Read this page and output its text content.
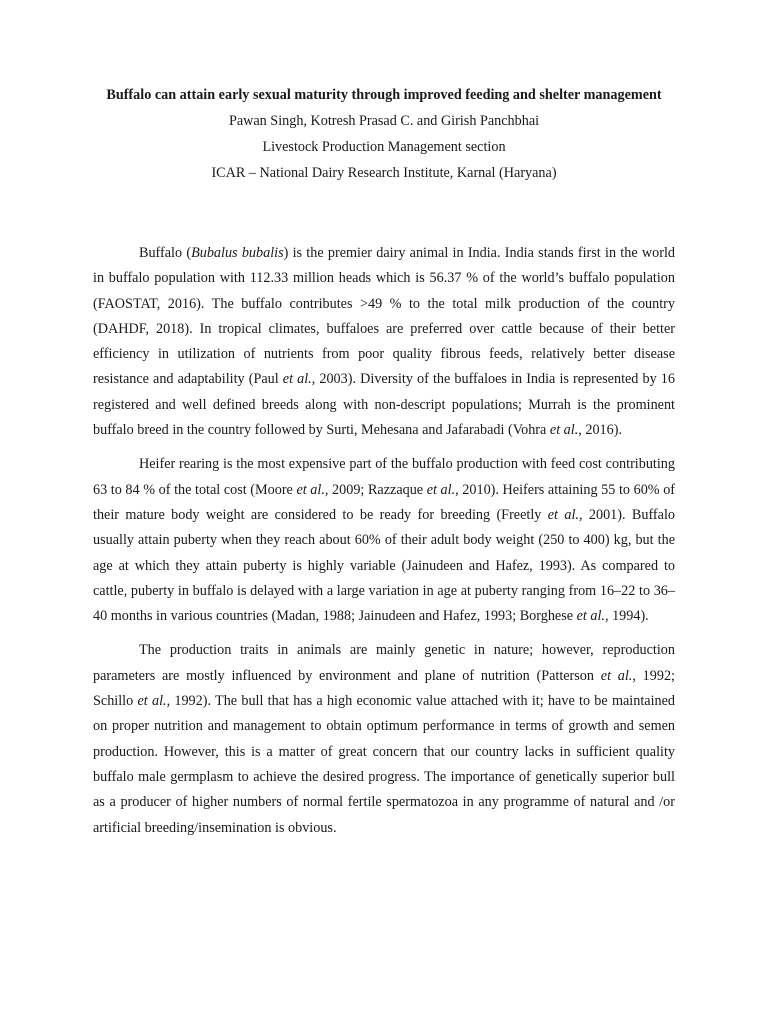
Buffalo can attain early sexual maturity through improved feeding and shelter management
Pawan Singh, Kotresh Prasad C. and Girish Panchbhai
Livestock Production Management section
ICAR – National Dairy Research Institute, Karnal (Haryana)

Buffalo (Bubalus bubalis) is the premier dairy animal in India. India stands first in the world in buffalo population with 112.33 million heads which is 56.37 % of the world’s buffalo population (FAOSTAT, 2016). The buffalo contributes >49 % to the total milk production of the country (DAHDF, 2018). In tropical climates, buffaloes are preferred over cattle because of their better efficiency in utilization of nutrients from poor quality fibrous feeds, relatively better disease resistance and adaptability (Paul et al., 2003). Diversity of the buffaloes in India is represented by 16 registered and well defined breeds along with non-descript populations; Murrah is the prominent buffalo breed in the country followed by Surti, Mehesana and Jafarabadi (Vohra et al., 2016).

Heifer rearing is the most expensive part of the buffalo production with feed cost contributing 63 to 84 % of the total cost (Moore et al., 2009; Razzaque et al., 2010). Heifers attaining 55 to 60% of their mature body weight are considered to be ready for breeding (Freetly et al., 2001). Buffalo usually attain puberty when they reach about 60% of their adult body weight (250 to 400) kg, but the age at which they attain puberty is highly variable (Jainudeen and Hafez, 1993). As compared to cattle, puberty in buffalo is delayed with a large variation in age at puberty ranging from 16–22 to 36–40 months in various countries (Madan, 1988; Jainudeen and Hafez, 1993; Borghese et al., 1994).

The production traits in animals are mainly genetic in nature; however, reproduction parameters are mostly influenced by environment and plane of nutrition (Patterson et al., 1992; Schillo et al., 1992). The bull that has a high economic value attached with it; have to be maintained on proper nutrition and management to obtain optimum performance in terms of growth and semen production. However, this is a matter of great concern that our country lacks in sufficient quality buffalo male germplasm to achieve the desired progress. The importance of genetically superior bull as a producer of higher numbers of normal fertile spermatozoa in any programme of natural and /or artificial breeding/insemination is obvious.
